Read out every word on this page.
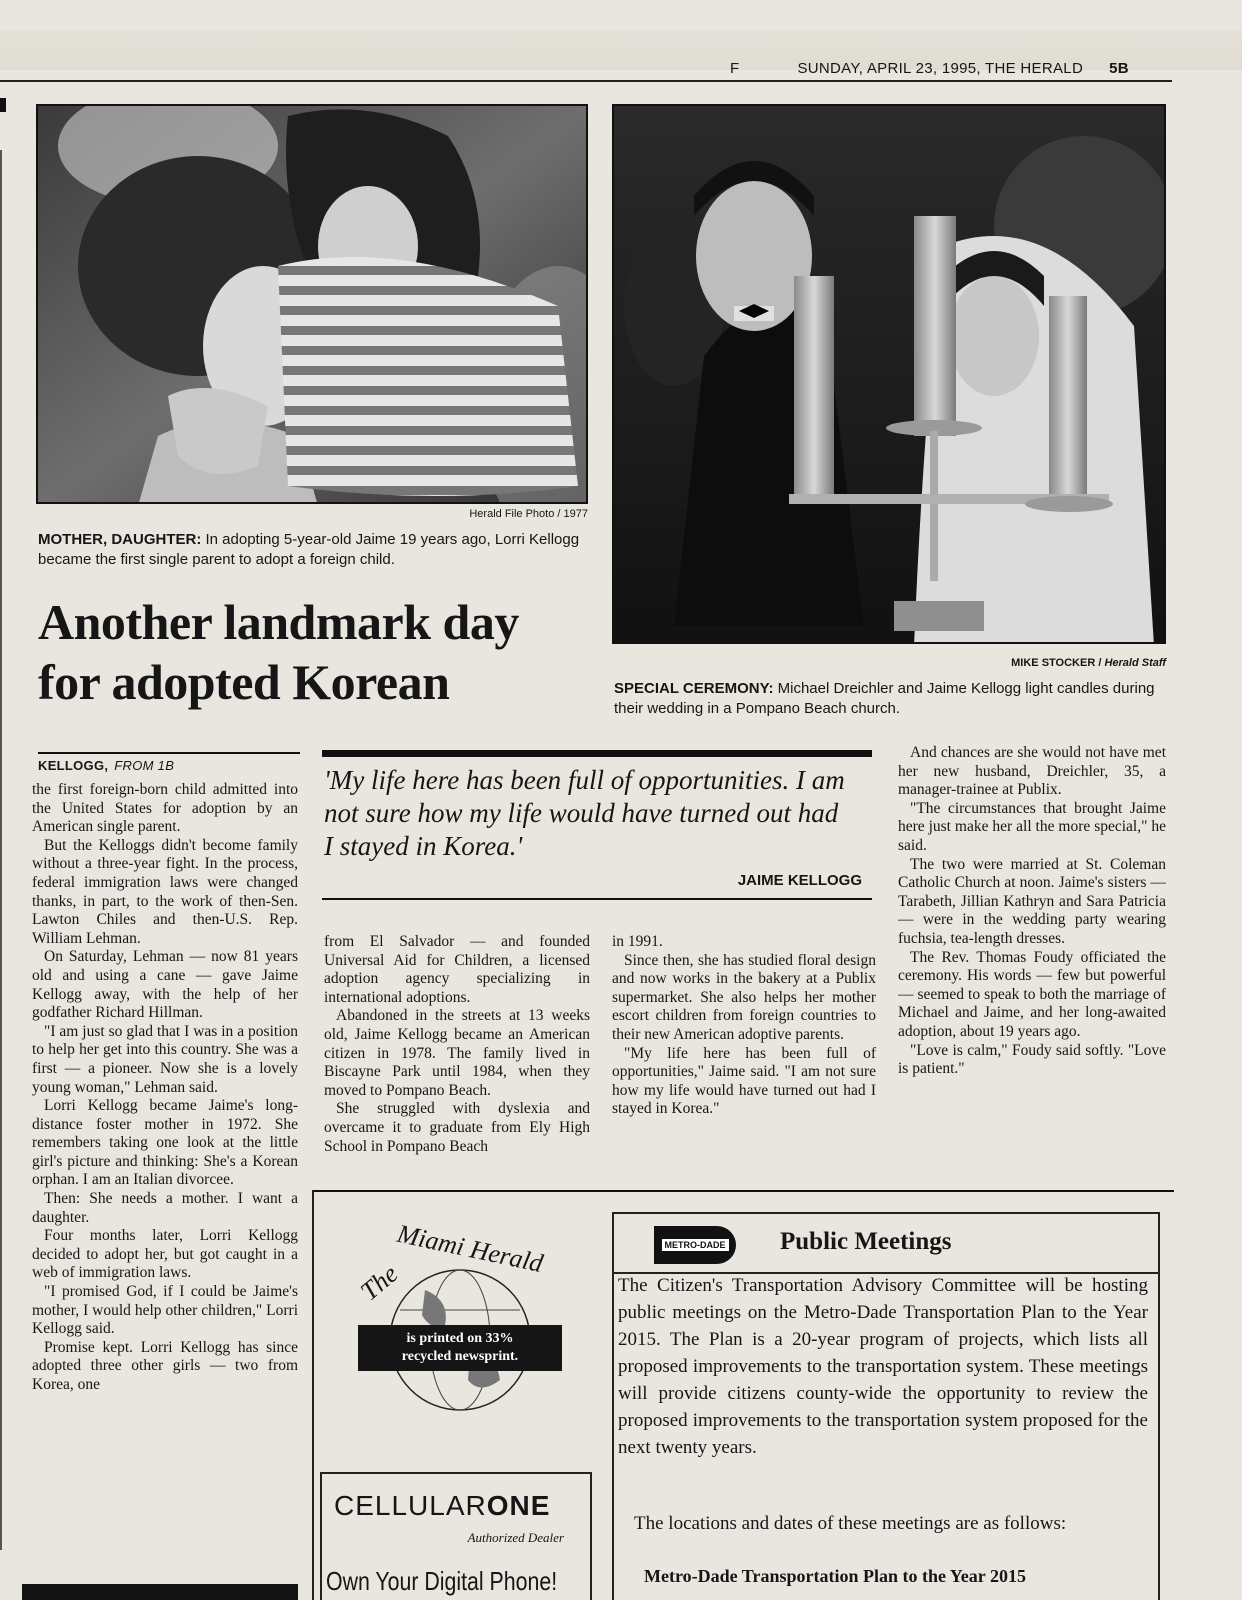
F	SUNDAY, APRIL 23, 1995, THE HERALD 5B
Herald File Photo / 1977
MOTHER, DAUGHTER: In adopting 5-year-old Jaime 19 years ago, Lorri Kellogg became the first single parent to adopt a foreign child.
MIKE STOCKER / Herald Staff
SPECIAL CEREMONY: Michael Dreichler and Jaime Kellogg light candles during their wedding in a Pompano Beach church.
Another landmark day
for adopted Korean
KELLOGG, FROM 1B

the first foreign-born child admitted into the United States for adoption by an American single parent.

But the Kelloggs didn't become family without a three-year fight. In the process, federal immigration laws were changed thanks, in part, to the work of then-Sen. Lawton Chiles and then-U.S. Rep. William Lehman.

On Saturday, Lehman — now 81 years old and using a cane — gave Jaime Kellogg away, with the help of her godfather Richard Hillman.

"I am just so glad that I was in a position to help her get into this country. She was a first — a pioneer. Now she is a lovely young woman," Lehman said.

Lorri Kellogg became Jaime's long-distance foster mother in 1972. She remembers taking one look at the little girl's picture and thinking: She's a Korean orphan. I am an Italian divorcee.

Then: She needs a mother. I want a daughter.

Four months later, Lorri Kellogg decided to adopt her, but got caught in a web of immigration laws.

"I promised God, if I could be Jaime's mother, I would help other children," Lorri Kellogg said.

Promise kept. Lorri Kellogg has since adopted three other girls — two from Korea, one

'My life here has been full of opportunities. I am not sure how my life would have turned out had I stayed in Korea.'
JAIME KELLOGG

from El Salvador — and founded Universal Aid for Children, a licensed adoption agency specializing in international adoptions.

Abandoned in the streets at 13 weeks old, Jaime Kellogg became an American citizen in 1978. The family lived in Biscayne Park until 1984, when they moved to Pompano Beach.

She struggled with dyslexia and overcame it to graduate from Ely High School in Pompano Beach

in 1991.

Since then, she has studied floral design and now works in the bakery at a Publix supermarket. She also helps her mother escort children from foreign countries to their new American adoptive parents.

"My life here has been full of opportunities," Jaime said. "I am not sure how my life would have turned out had I stayed in Korea."

And chances are she would not have met her new husband, Dreichler, 35, a manager-trainee at Publix.

"The circumstances that brought Jaime here just make her all the more special," he said.

The two were married at St. Coleman Catholic Church at noon. Jaime's sisters — Tarabeth, Jillian Kathryn and Sara Patricia — were in the wedding party wearing fuchsia, tea-length dresses.

The Rev. Thomas Foudy officiated the ceremony. His words — few but powerful — seemed to speak to both the marriage of Michael and Jaime, and her long-awaited adoption, about 19 years ago.

"Love is calm," Foudy said softly. "Love is patient."

The
Miami Herald
is printed on 33%
recycled newsprint.
CELLULARONE
Authorized Dealer
Own Your Digital Phone!
METRO-DADE Public Meetings
The Citizen's Transportation Advisory Committee will be hosting public meetings on the Metro-Dade Transportation Plan to the Year 2015. The Plan is a 20-year program of projects, which lists all proposed improvements to the transportation system. These meetings will provide citizens county-wide the opportunity to review the proposed improvements to the transportation system proposed for the next twenty years.
The locations and dates of these meetings are as follows:
Metro-Dade Transportation Plan to the Year 2015
